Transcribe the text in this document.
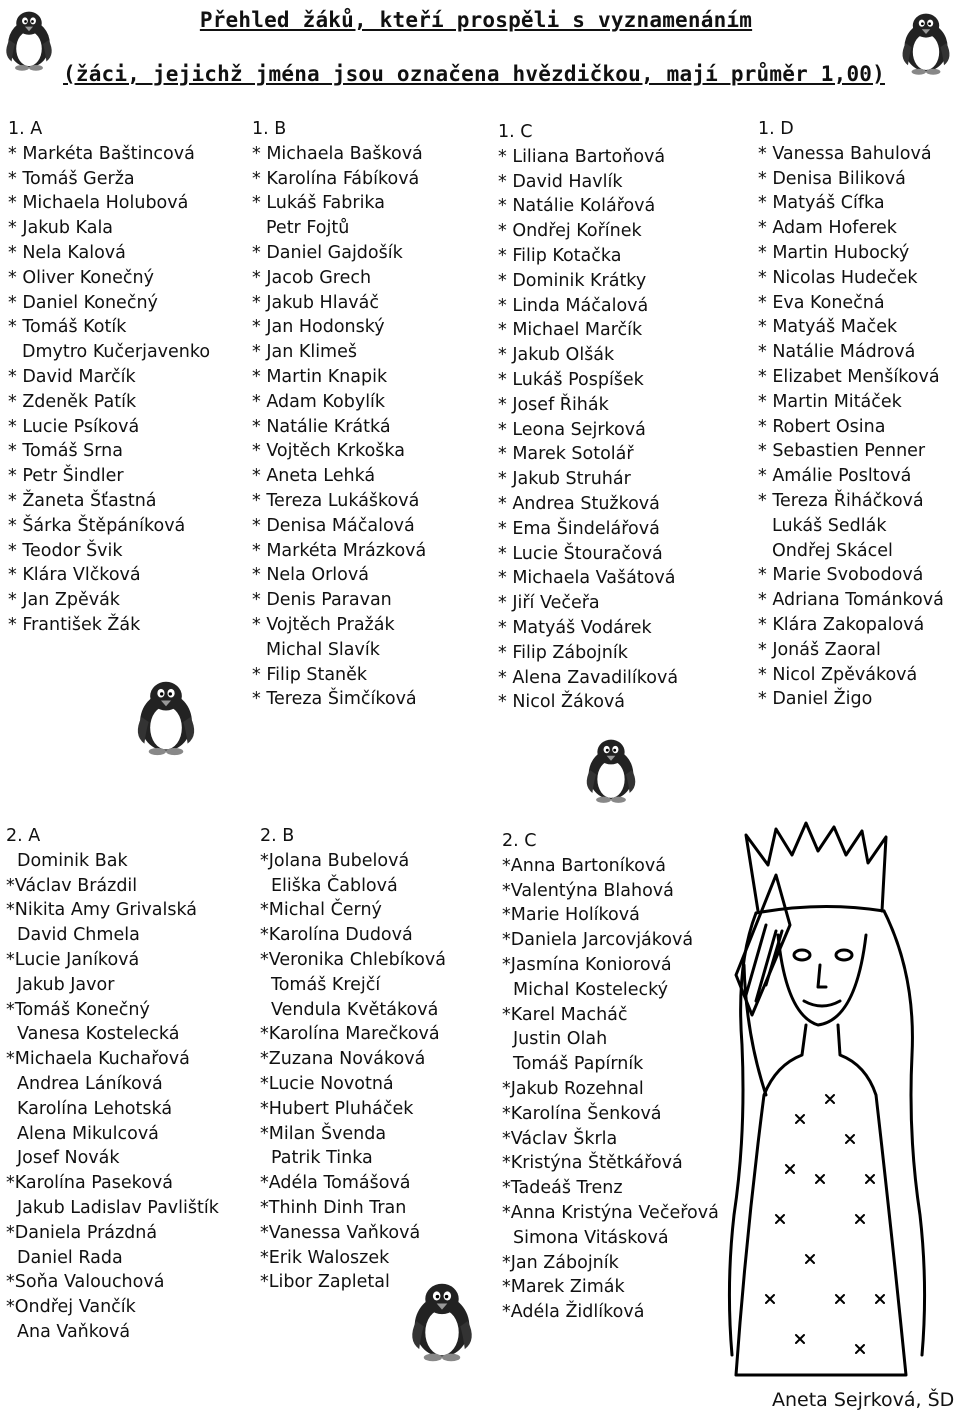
Přehled žáků, kteří prospěli s vyznamenáním
(žáci, jejichž jména jsou označena hvězdičkou, mají průměr 1,00)
1. A
* Markéta Baštincová
* Tomáš Gerža
* Michaela Holubová
* Jakub Kala
* Nela Kalová
* Oliver Konečný
* Daniel Konečný
* Tomáš Kotík
Dmytro Kučerjavenko
* David Marčík
* Zdeněk Patík
* Lucie Psíková
* Tomáš Srna
* Petr Šindler
* Žaneta Šťastná
* Šárka Štěpáníková
* Teodor Švik
* Klára Vlčková
* Jan Zpěvák
* František Žák
1. B
* Michaela Bašková
* Karolína Fábíková
* Lukáš Fabrika
Petr Fojtů
* Daniel Gajdošík
* Jacob Grech
* Jakub Hlaváč
* Jan Hodonský
* Jan Klimeš
* Martin Knapik
* Adam Kobylík
* Natálie Krátká
* Vojtěch Krkoška
* Aneta Lehká
* Tereza Lukášková
* Denisa Máčalová
* Markéta Mrázková
* Nela Orlová
* Denis Paravan
* Vojtěch Pražák
Michal Slavík
* Filip Staněk
* Tereza Šimčíková
1. C
* Liliana Bartoňová
* David Havlík
* Natálie Kolářová
* Ondřej Kořínek
* Filip Kotačka
* Dominik Krátky
* Linda Máčalová
* Michael Marčík
* Jakub Olšák
* Lukáš Pospíšek
* Josef Řihák
* Leona Sejrková
* Marek Sotolář
* Jakub Struhár
* Andrea Stužková
* Ema Šindelářová
* Lucie Štouračová
* Michaela Vašátová
* Jiří Večeřa
* Matyáš Vodárek
* Filip Zábojník
* Alena Zavadilíková
* Nicol Žáková
1. D
* Vanessa Bahulová
* Denisa Biliková
* Matyáš Cífka
* Adam Hoferek
* Martin Hubocký
* Nicolas Hudeček
* Eva Konečná
* Matyáš Maček
* Natálie Mádrová
* Elizabet Menšíková
* Martin Mitáček
* Robert Osina
* Sebastien Penner
* Amálie Posltová
* Tereza Řiháčková
Lukáš Sedlák
Ondřej Skácel
* Marie Svobodová
* Adriana Tománková
* Klára Zakopalová
* Jonáš Zaoral
* Nicol Zpěváková
* Daniel Žigo
2. A
Dominik Bak
*Václav Brázdil
*Nikita Amy Grivalská
David Chmela
*Lucie Janíková
Jakub Javor
*Tomáš Konečný
Vanesa Kostelecká
*Michaela Kuchařová
Andrea Láníková
Karolína Lehotská
Alena Mikulcová
Josef Novák
*Karolína Paseková
Jakub Ladislav Pavlištík
*Daniela Prázdná
Daniel Rada
*Soňa Valouchová
*Ondřej Vančík
Ana Vaňková
2. B
*Jolana Bubelová
Eliška Čablová
*Michal Černý
*Karolína Dudová
*Veronika Chlebíková
Tomáš Krejčí
Vendula Květáková
*Karolína Marečková
*Zuzana Nováková
*Lucie Novotná
*Hubert Pluháček
*Milan Švenda
Patrik Tinka
*Adéla Tomášová
*Thinh Dinh Tran
*Vanessa Vaňková
*Erik Waloszek
*Libor Zapletal
2. C
*Anna Bartoníková
*Valentýna Blahová
*Marie Holíková
*Daniela Jarcovjáková
*Jasmína Koniorová
Michal Kostelecký
*Karel Macháč
Justin Olah
Tomáš Papírník
*Jakub Rozehnal
*Karolína Šenková
*Václav Škrla
*Kristýna Štětkářová
*Tadeáš Trenz
*Anna Kristýna Večeřová
Simona Vitásková
*Jan Zábojník
*Marek Zimák
*Adéla Židlíková
Aneta Sejrková, ŠD
